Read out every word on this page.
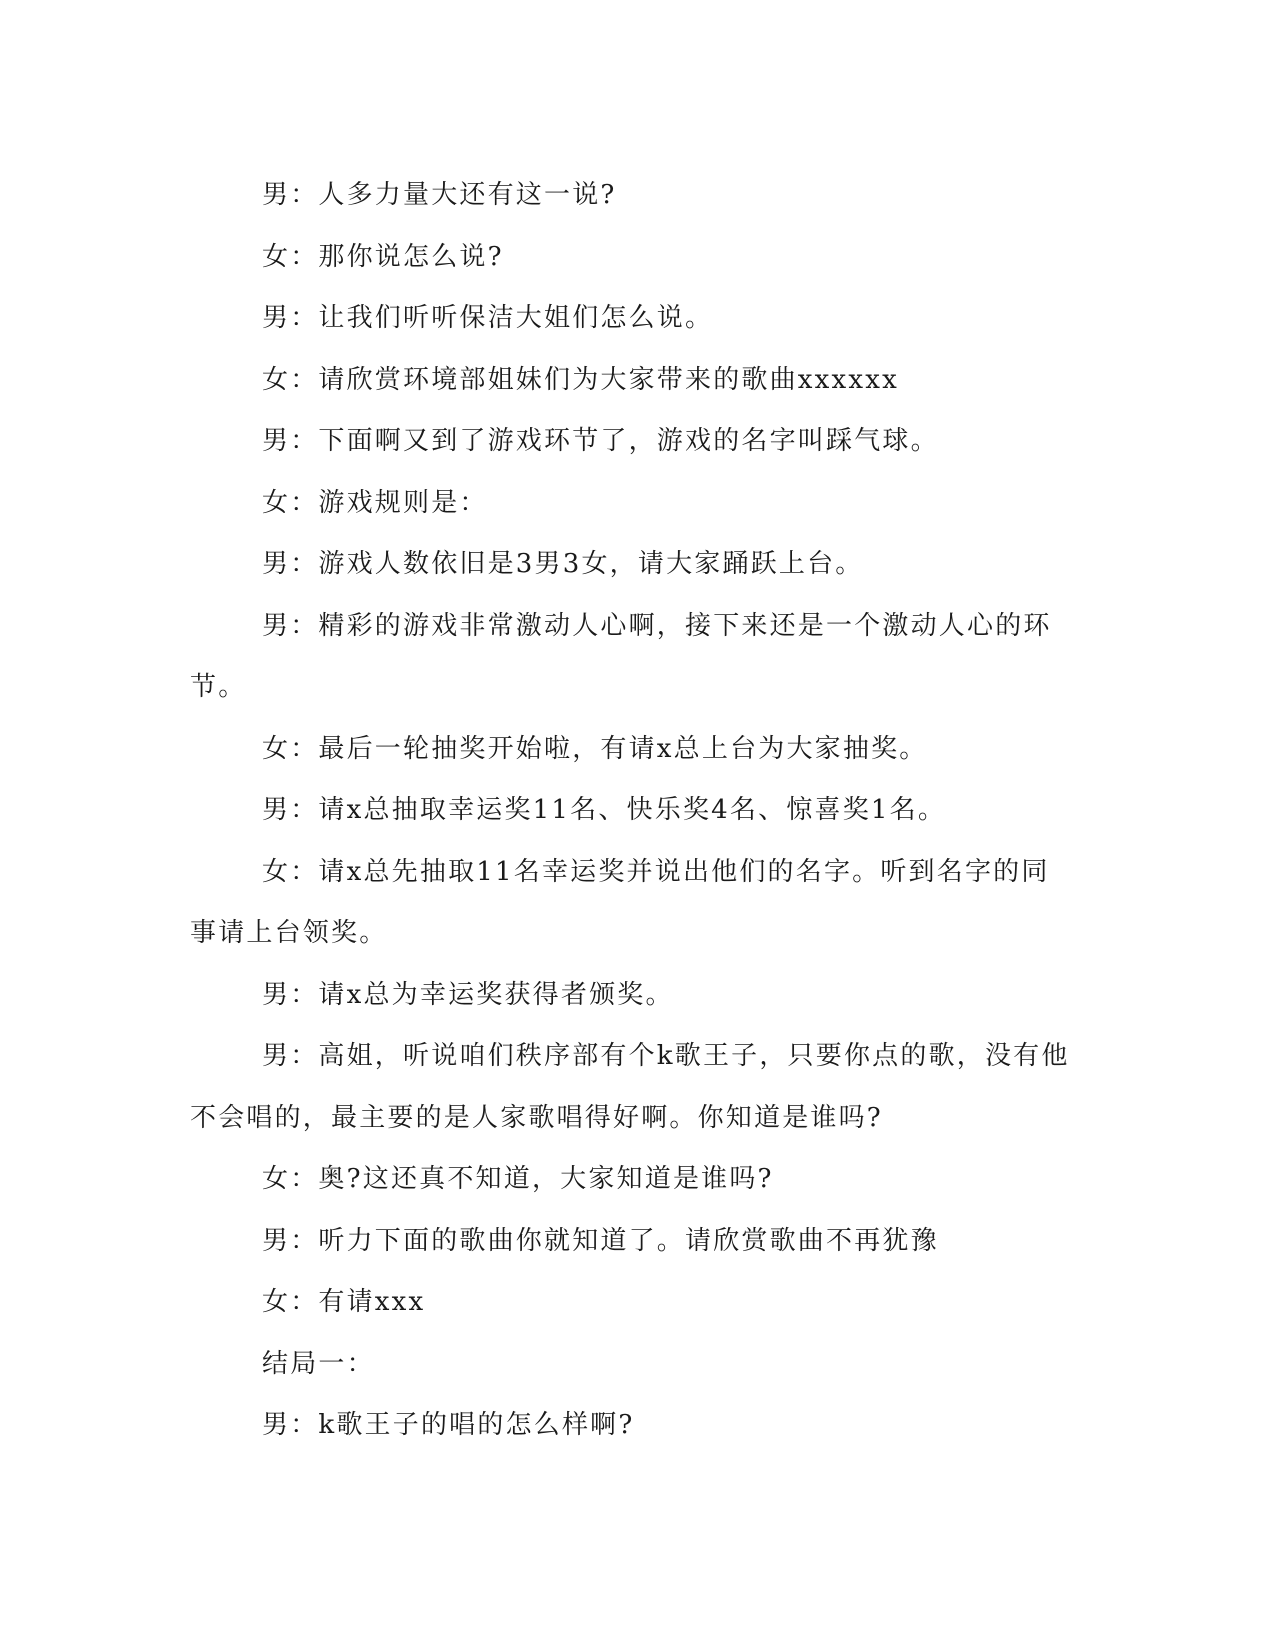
男：人多力量大还有这一说?

女：那你说怎么说?

男：让我们听听保洁大姐们怎么说。

女：请欣赏环境部姐妹们为大家带来的歌曲xxxxxx

男：下面啊又到了游戏环节了，游戏的名字叫踩气球。

女：游戏规则是：

男：游戏人数依旧是3男3女，请大家踊跃上台。

男：精彩的游戏非常激动人心啊，接下来还是一个激动人心的环节。

女：最后一轮抽奖开始啦，有请x总上台为大家抽奖。

男：请x总抽取幸运奖11名、快乐奖4名、惊喜奖1名。

女：请x总先抽取11名幸运奖并说出他们的名字。听到名字的同事请上台领奖。

男：请x总为幸运奖获得者颁奖。

男：高姐，听说咱们秩序部有个k歌王子，只要你点的歌，没有他不会唱的，最主要的是人家歌唱得好啊。你知道是谁吗?

女：奥?这还真不知道，大家知道是谁吗?

男：听力下面的歌曲你就知道了。请欣赏歌曲不再犹豫

女：有请xxx

结局一：

男：k歌王子的唱的怎么样啊?
